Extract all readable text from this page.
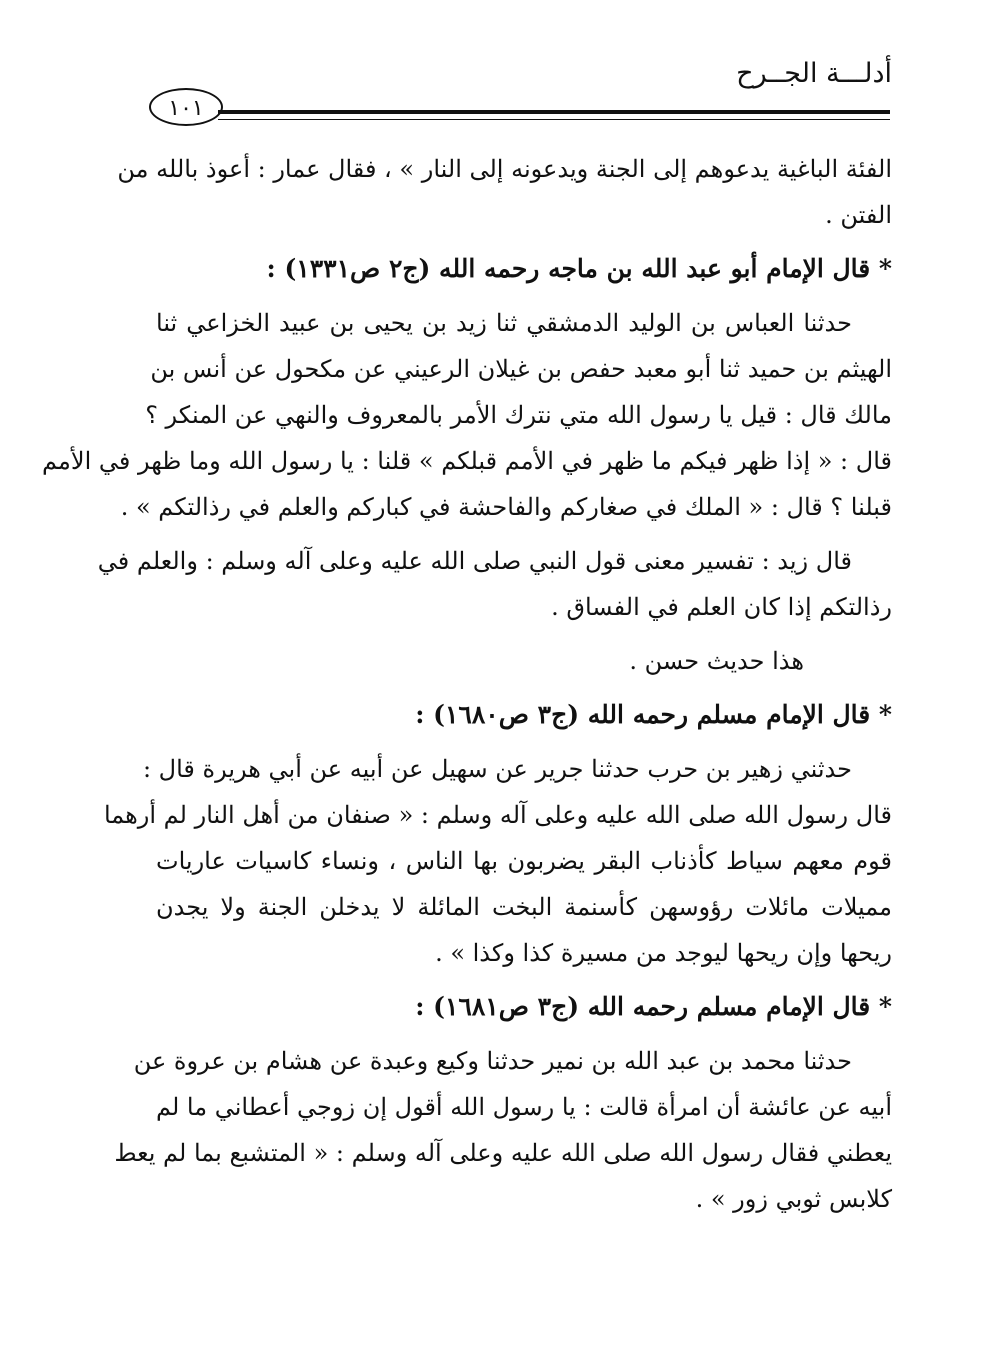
أدلـــة الجــرح
١٠١
الفئة الباغية يدعوهم إلى الجنة ويدعونه إلى النار » ، فقال عمار : أعوذ بالله من
الفتن .
* قال الإمام أبو عبد الله بن ماجه رحمه الله (ج٢ ص١٣٣١) :
حدثنا العباس بن الوليد الدمشقي ثنا زيد بن يحيى بن عبيد الخزاعي ثنا
الهيثم بن حميد ثنا أبو معبد حفص بن غيلان الرعيني عن مكحول عن أنس بن
مالك قال : قيل يا رسول الله متي نترك الأمر بالمعروف والنهي عن المنكر ؟
قال : « إذا ظهر فيكم ما ظهر في الأمم قبلكم » قلنا : يا رسول الله وما ظهر في الأمم
قبلنا ؟ قال : « الملك في صغاركم والفاحشة في كباركم والعلم في رذالتكم » .
قال زيد : تفسير معنى قول النبي صلى الله عليه وعلى آله وسلم : والعلم في
رذالتكم إذا كان العلم في الفساق .
هذا حديث حسن .
* قال الإمام مسلم رحمه الله (ج٣ ص١٦٨٠) :
حدثني زهير بن حرب حدثنا جرير عن سهيل عن أبيه عن أبي هريرة قال :
قال رسول الله صلى الله عليه وعلى آله وسلم : « صنفان من أهل النار لم أرهما
قوم معهم سياط كأذناب البقر يضربون بها الناس ، ونساء كاسيات عاريات
مميلات مائلات رؤوسهن كأسنمة البخت المائلة لا يدخلن الجنة ولا يجدن
ريحها وإن ريحها ليوجد من مسيرة كذا وكذا » .
* قال الإمام مسلم رحمه الله (ج٣ ص١٦٨١) :
حدثنا محمد بن عبد الله بن نمير حدثنا وكيع وعبدة عن هشام بن عروة عن
أبيه عن عائشة أن امرأة قالت : يا رسول الله أقول إن زوجي أعطاني ما لم
يعطني فقال رسول الله صلى الله عليه وعلى آله وسلم : « المتشبع بما لم يعط
كلابس ثوبي زور » .
